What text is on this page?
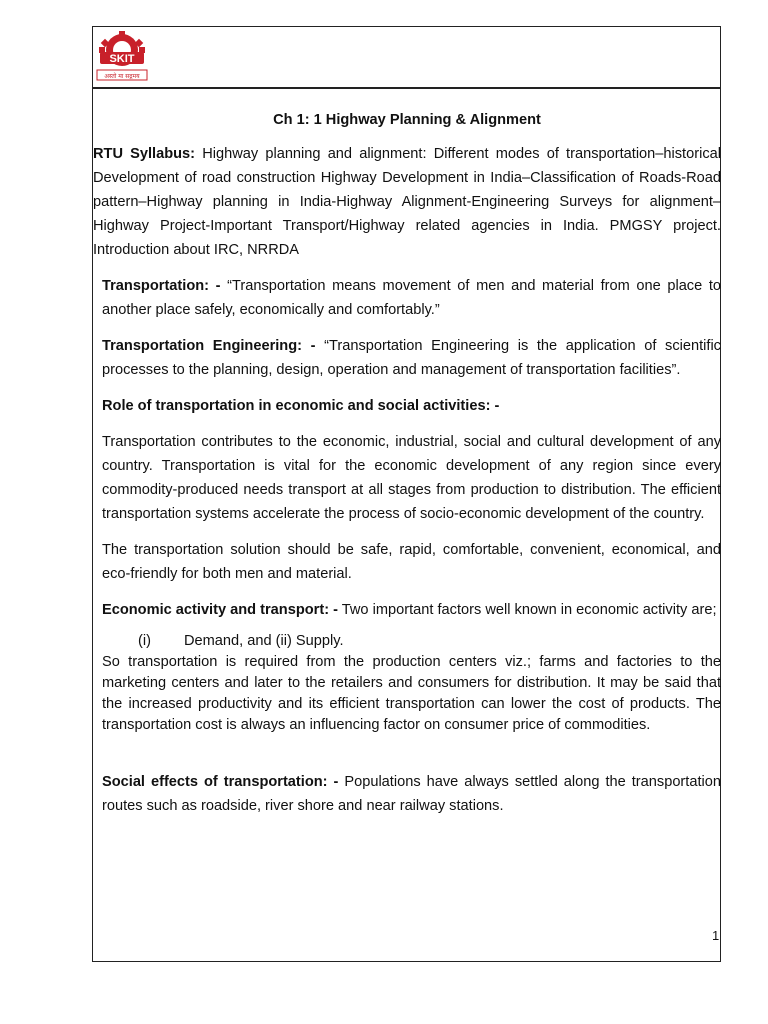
SKIT
अस्तो मा सद्गमय
Ch 1: 1 Highway Planning & Alignment

RTU Syllabus: Highway planning and alignment: Different modes of transportation–historical Development of road construction Highway Development in India–Classification of Roads-Road pattern–Highway planning in India-Highway Alignment-Engineering Surveys for alignment–Highway Project-Important Transport/Highway related agencies in India. PMGSY project. Introduction about IRC, NRRDA

Transportation: - “Transportation means movement of men and material from one place to another place safely, economically and comfortably.”

Transportation Engineering: - “Transportation Engineering is the application of scientific processes to the planning, design, operation and management of transportation facilities”.

Role of transportation in economic and social activities: -

Transportation contributes to the economic, industrial, social and cultural development of any country. Transportation is vital for the economic development of any region since every commodity-produced needs transport at all stages from production to distribution. The efficient transportation systems accelerate the process of socio-economic development of the country.

The transportation solution should be safe, rapid, comfortable, convenient, economical, and eco-friendly for both men and material.

Economic activity and transport: - Two important factors well known in economic activity are;

(i) Demand, and (ii) Supply.

So transportation is required from the production centers viz.; farms and factories to the marketing centers and later to the retailers and consumers for distribution. It may be said that the increased productivity and its efficient transportation can lower the cost of products. The transportation cost is always an influencing factor on consumer price of commodities.

Social effects of transportation: - Populations have always settled along the transportation routes such as roadside, river shore and near railway stations.

1
